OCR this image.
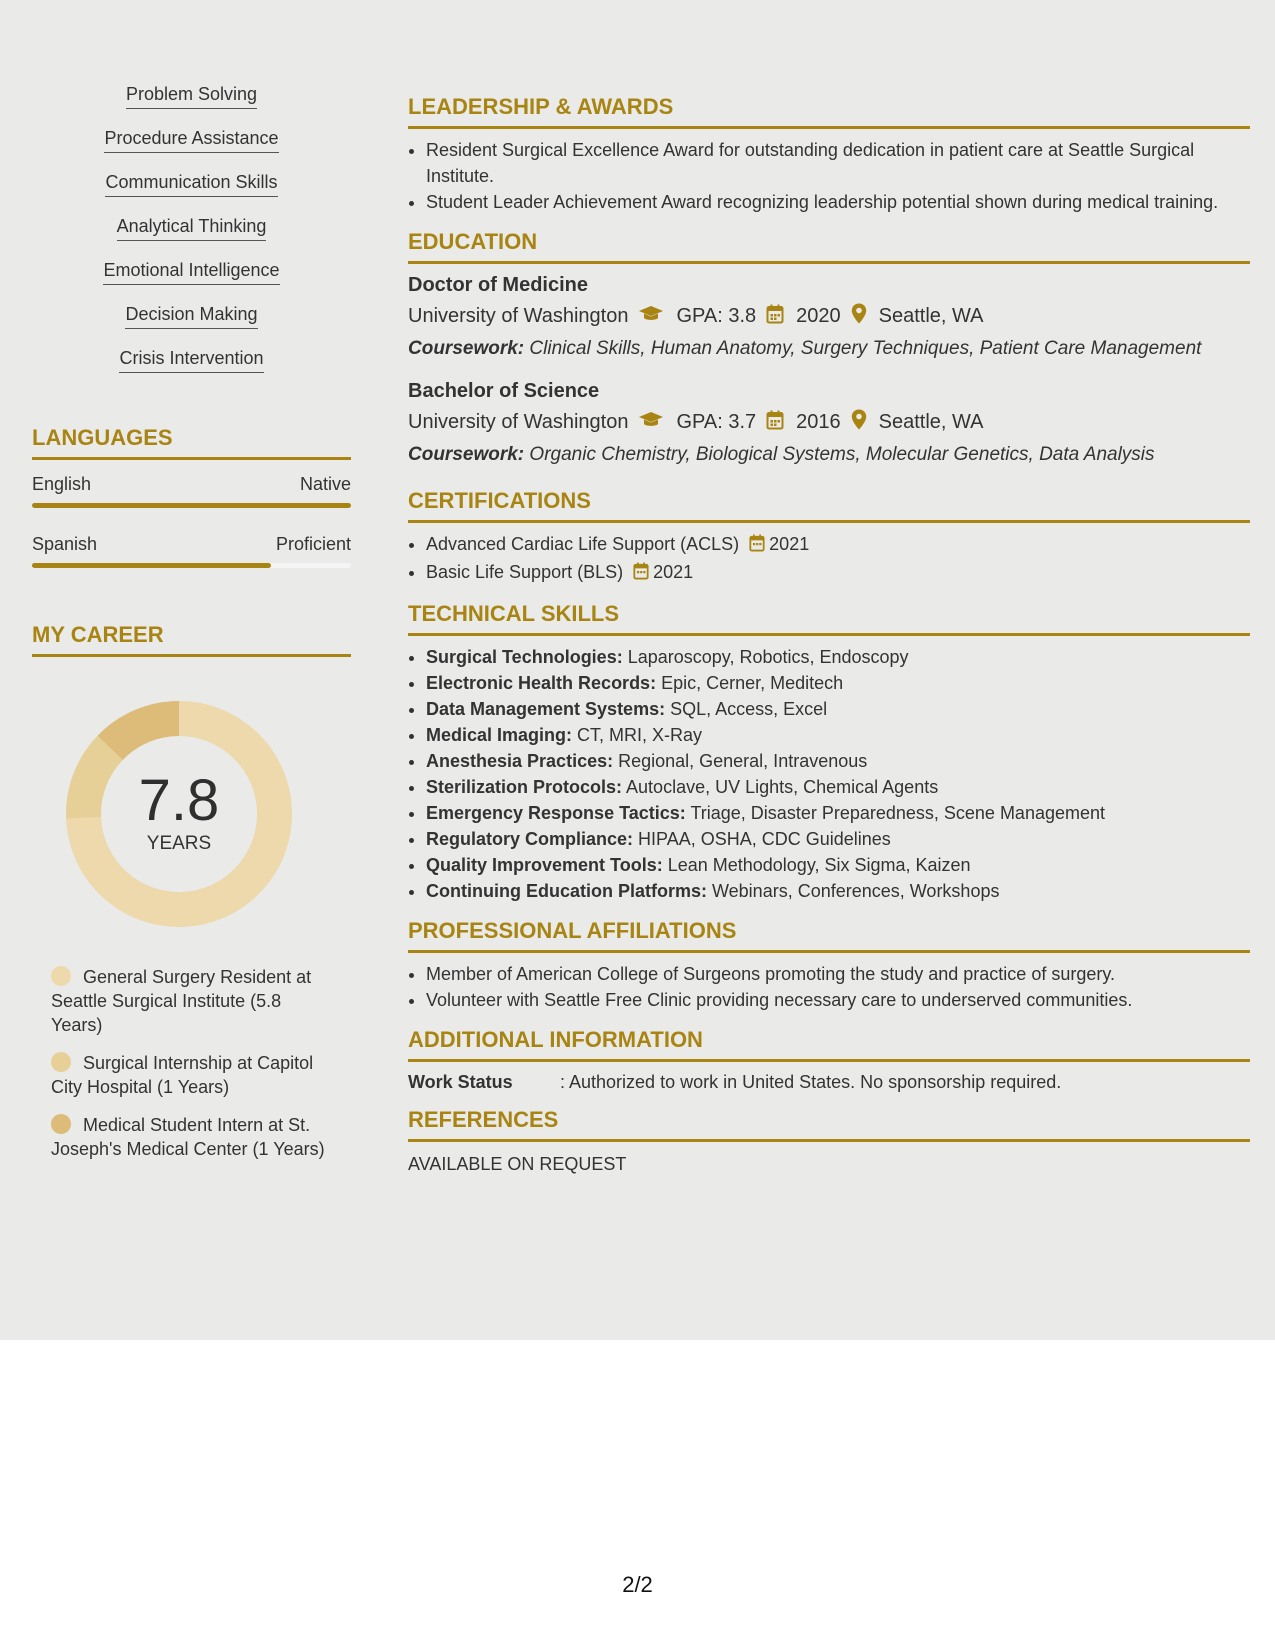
Problem Solving
Procedure Assistance
Communication Skills
Analytical Thinking
Emotional Intelligence
Decision Making
Crisis Intervention
LANGUAGES
English	Native
Spanish	Proficient
MY CAREER
7.8
YEARS
General Surgery Resident at Seattle Surgical Institute (5.8 Years)
Surgical Internship at Capitol City Hospital (1 Years)
Medical Student Intern at St. Joseph's Medical Center (1 Years)
LEADERSHIP & AWARDS
• Resident Surgical Excellence Award for outstanding dedication in patient care at Seattle Surgical Institute.
• Student Leader Achievement Award recognizing leadership potential shown during medical training.
EDUCATION
Doctor of Medicine
University of Washington GPA: 3.8 2020 Seattle, WA
Coursework: Clinical Skills, Human Anatomy, Surgery Techniques, Patient Care Management
Bachelor of Science
University of Washington GPA: 3.7 2016 Seattle, WA
Coursework: Organic Chemistry, Biological Systems, Molecular Genetics, Data Analysis
CERTIFICATIONS
• Advanced Cardiac Life Support (ACLS) 2021
• Basic Life Support (BLS) 2021
TECHNICAL SKILLS
• Surgical Technologies: Laparoscopy, Robotics, Endoscopy
• Electronic Health Records: Epic, Cerner, Meditech
• Data Management Systems: SQL, Access, Excel
• Medical Imaging: CT, MRI, X-Ray
• Anesthesia Practices: Regional, General, Intravenous
• Sterilization Protocols: Autoclave, UV Lights, Chemical Agents
• Emergency Response Tactics: Triage, Disaster Preparedness, Scene Management
• Regulatory Compliance: HIPAA, OSHA, CDC Guidelines
• Quality Improvement Tools: Lean Methodology, Six Sigma, Kaizen
• Continuing Education Platforms: Webinars, Conferences, Workshops
PROFESSIONAL AFFILIATIONS
• Member of American College of Surgeons promoting the study and practice of surgery.
• Volunteer with Seattle Free Clinic providing necessary care to underserved communities.
ADDITIONAL INFORMATION
Work Status	: Authorized to work in United States. No sponsorship required.
REFERENCES
AVAILABLE ON REQUEST
2/2
